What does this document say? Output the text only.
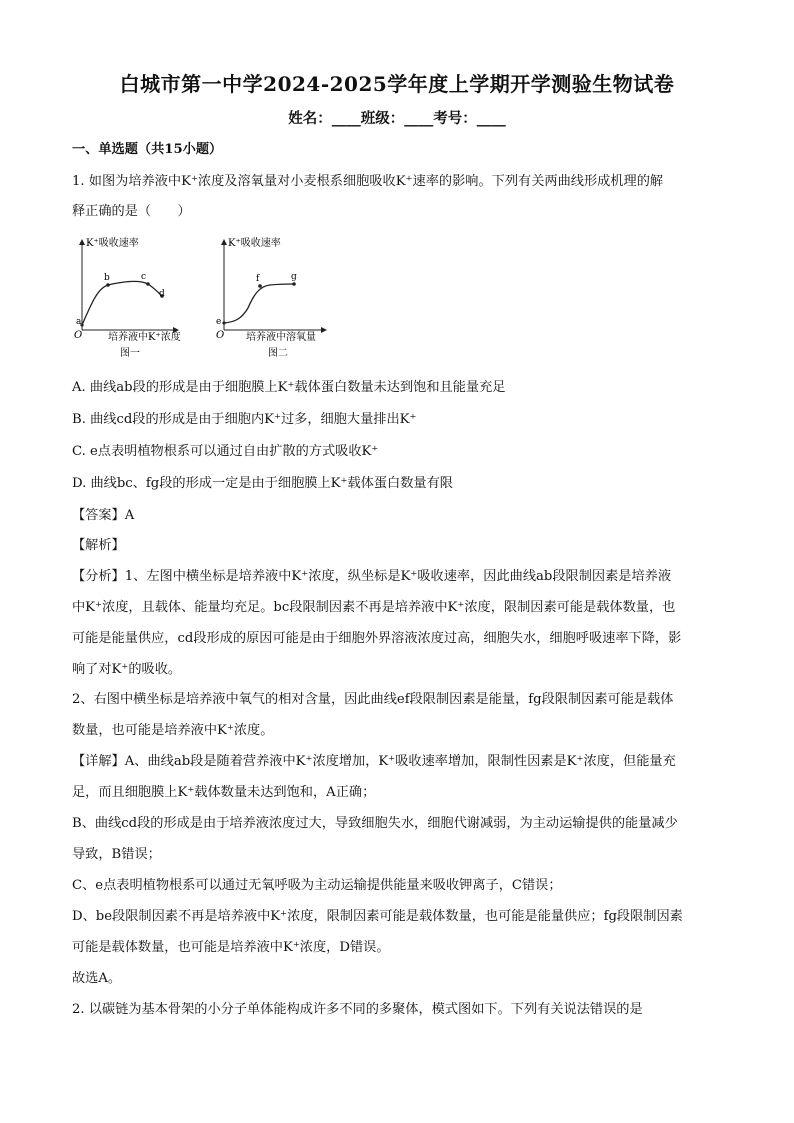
白城市第一中学2024-2025学年度上学期开学测验生物试卷
姓名：____班级：____考号：____
一、单选题（共15小题）
1. 如图为培养液中K⁺浓度及溶氧量对小麦根系细胞吸收K⁺速率的影响。下列有关两曲线形成机理的解
释正确的是（　　）
K⁺吸收速率
a
b	c
d
O	培养液中K⁺浓度
图一
K⁺吸收速率
e
f	g
O 培养液中溶氧量
图二
A. 曲线ab段的形成是由于细胞膜上K⁺载体蛋白数量未达到饱和且能量充足
B. 曲线cd段的形成是由于细胞内K⁺过多，细胞大量排出K⁺
C. e点表明植物根系可以通过自由扩散的方式吸收K⁺
D. 曲线bc、fg段的形成一定是由于细胞膜上K⁺载体蛋白数量有限
【答案】A
【解析】
【分析】1、左图中横坐标是培养液中K⁺浓度，纵坐标是K⁺吸收速率，因此曲线ab段限制因素是培养液
中K⁺浓度，且载体、能量均充足。bc段限制因素不再是培养液中K⁺浓度，限制因素可能是载体数量，也
可能是能量供应，cd段形成的原因可能是由于细胞外界溶液浓度过高，细胞失水，细胞呼吸速率下降，影
响了对K⁺的吸收。
2、右图中横坐标是培养液中氧气的相对含量，因此曲线ef段限制因素是能量，fg段限制因素可能是载体
数量，也可能是培养液中K⁺浓度。
【详解】A、曲线ab段是随着营养液中K⁺浓度增加，K⁺吸收速率增加，限制性因素是K⁺浓度，但能量充
足，而且细胞膜上K⁺载体数量未达到饱和，A正确；
B、曲线cd段的形成是由于培养液浓度过大，导致细胞失水，细胞代谢减弱，为主动运输提供的能量减少
导致，B错误；
C、e点表明植物根系可以通过无氧呼吸为主动运输提供能量来吸收钾离子，C错误；
D、be段限制因素不再是培养液中K⁺浓度，限制因素可能是载体数量，也可能是能量供应；fg段限制因素
可能是载体数量，也可能是培养液中K⁺浓度，D错误。
故选A。
2. 以碳链为基本骨架的小分子单体能构成许多不同的多聚体，模式图如下。下列有关说法错误的是
